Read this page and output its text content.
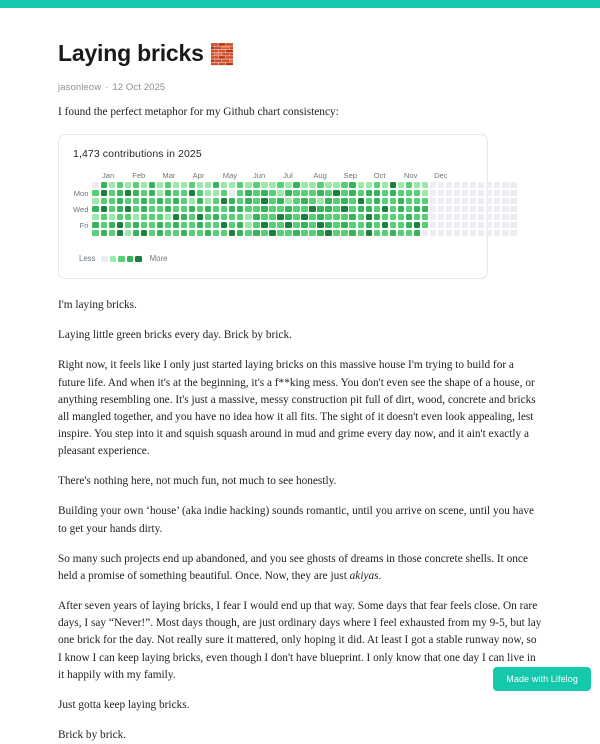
Laying bricks 🧱
jasonleow · 12 Oct 2025

I found the perfect metaphor for my Github chart consistency:

1,473 contributions in 2025
Jan	Feb	Mar	Apr	May	Jun	Jul	Aug	Sep	Oct	Nov	Dec

Mon

Wed

Fri

Less	More

I'm laying bricks.

Laying little green bricks every day. Brick by brick.

Right now, it feels like I only just started laying bricks on this massive house I'm trying to build for a future life. And when it's at the beginning, it's a f**king mess. You don't even see the shape of a house, or anything resembling one. It's just a massive, messy construction pit full of dirt, wood, concrete and bricks all mangled together, and you have no idea how it all fits. The sight of it doesn't even look appealing, lest inspire. You step into it and squish squash around in mud and grime every day now, and it ain't exactly a pleasant experience.

There's nothing here, not much fun, not much to see honestly.

Building your own ‘house’ (aka indie hacking) sounds romantic, until you arrive on scene, until you have to get your hands dirty.

So many such projects end up abandoned, and you see ghosts of dreams in those concrete shells. It once held a promise of something beautiful. Once. Now, they are just akiyas.

After seven years of laying bricks, I fear I would end up that way. Some days that fear feels close. On rare days, I say “Never!”. Most days though, are just ordinary days where I feel exhausted from my 9-5, but lay one brick for the day. Not really sure it mattered, only hoping it did. At least I got a stable runway now, so I know I can keep laying bricks, even though I don't have blueprint. I only know that one day I can live in it happily with my family.

Just gotta keep laying bricks.

Brick by brick.

Made with Lifelog
